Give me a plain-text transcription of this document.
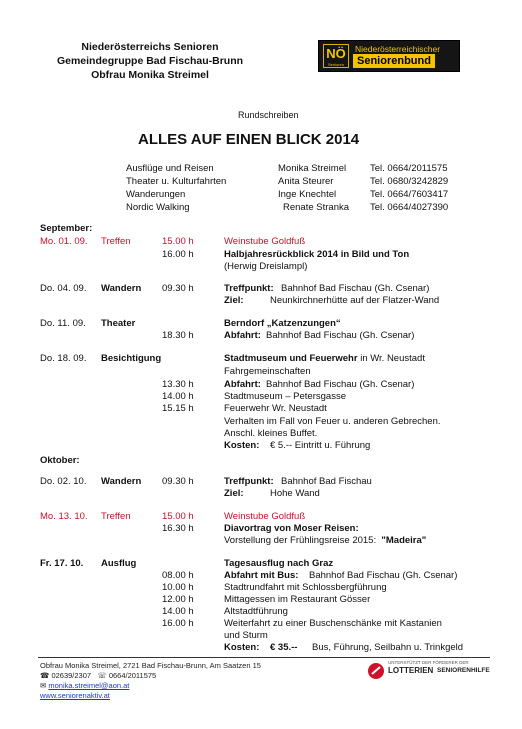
Niederösterreichs Senioren
Gemeindegruppe Bad Fischau-Brunn
Obfrau Monika Streimel
NÖ
Senioren
Niederösterreichischer
Seniorenbund
Rundschreiben
ALLES AUF EINEN BLICK 2014
Ausflüge und Reisen	Monika Streimel	Tel. 0664/2011575
Theater u. Kulturfahrten	Anita Steurer	Tel. 0680/3242829
Wanderungen	Inge Knechtel	Tel. 0664/7603417
Nordic Walking	Renate Stranka Tel. 0664/4027390
September:
Mo. 01. 09. Treffen	15.00 h	Weinstube Goldfuß
16.00 h	Halbjahresrückblick 2014 in Bild und Ton
(Herwig Dreislampl)
Do. 04. 09. Wandern 09.30 h	Treffpunkt: Bahnhof Bad Fischau (Gh. Csenar)
Ziel:	Neunkirchnerhütte auf der Flatzer-Wand
Do. 11. 09. Theater	Berndorf „Katzenzungen“
18.30 h	Abfahrt: Bahnhof Bad Fischau (Gh. Csenar)
Do. 18. 09. Besichtigung	Stadtmuseum und Feuerwehr in Wr. Neustadt
Fahrgemeinschaften
13.30 h	Abfahrt: Bahnhof Bad Fischau (Gh. Csenar)
14.00 h	Stadtmuseum – Petersgasse
15.15 h	Feuerwehr Wr. Neustadt
Verhalten im Fall von Feuer u. anderen Gebrechen.
Anschl. kleines Buffet.
Kosten: € 5.-- Eintritt u. Führung
Oktober:
Do. 02. 10. Wandern 09.30 h	Treffpunkt: Bahnhof Bad Fischau
Ziel:	Hohe Wand
Mo. 13. 10. Treffen	15.00 h	Weinstube Goldfuß
16.30 h	Diavortrag von Moser Reisen:
Vorstellung der Frühlingsreise 2015: "Madeira"
Fr. 17. 10. Ausflug	Tagesausflug nach Graz
08.00 h	Abfahrt mit Bus: Bahnhof Bad Fischau (Gh. Csenar)
10.00 h	Stadtrundfahrt mit Schlossbergführung
12.00 h	Mittagessen im Restaurant Gösser
14.00 h	Altstadtführung
16.00 h	Weiterfahrt zu einer Buschenschänke mit Kastanien
und Sturm
Kosten: € 35.-- Bus, Führung, Seilbahn u. Trinkgeld
Obfrau Monika Streimel, 2721 Bad Fischau-Brunn, Am Saatzen 15
☎ 02639/2307 ☏ 0664/2011575
✉ monika.streimel@aon.at
www.seniorenaktiv.at
UNTERSTÜTZT DER FÖRDERER DER
LOTTERIEN SENIORENHILFE
